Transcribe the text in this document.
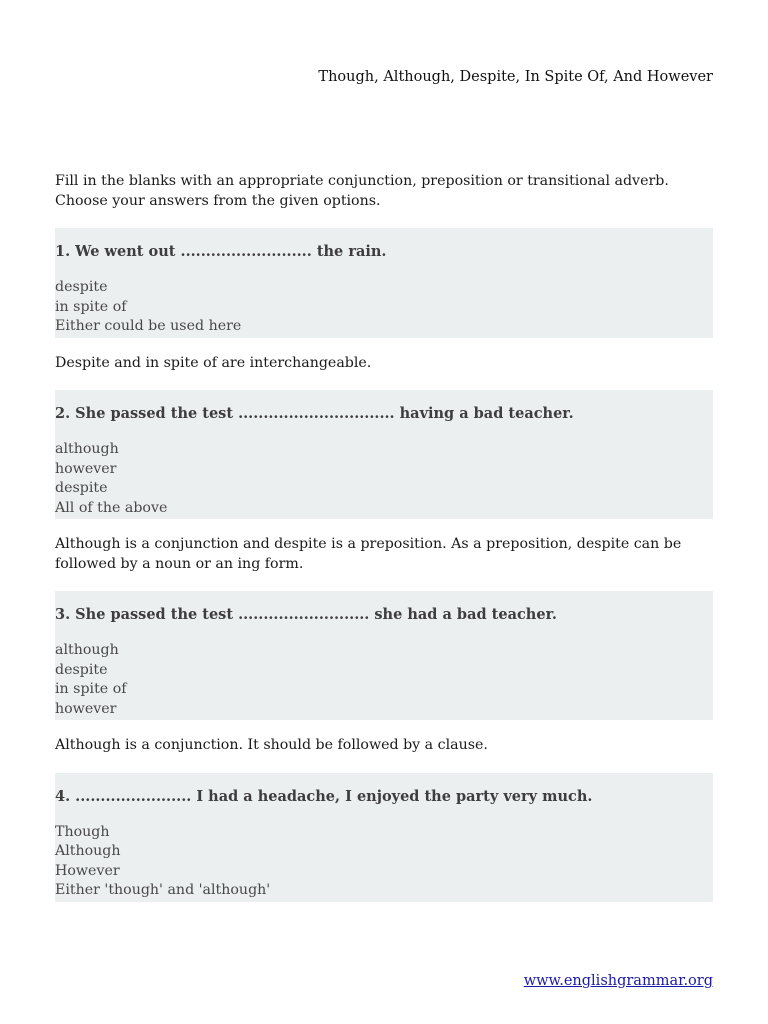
Though, Although, Despite, In Spite Of, And However

Fill in the blanks with an appropriate conjunction, preposition or transitional adverb. Choose your answers from the given options.

1. We went out .......................... the rain.

despite
in spite of
Either could be used here

Despite and in spite of are interchangeable.

2. She passed the test ............................... having a bad teacher.

although
however
despite
All of the above

Although is a conjunction and despite is a preposition. As a preposition, despite can be followed by a noun or an ing form.

3. She passed the test .......................... she had a bad teacher.

although
despite
in spite of
however

Although is a conjunction. It should be followed by a clause.

4. ....................... I had a headache, I enjoyed the party very much.

Though
Although
However
Either 'though' and 'although'
www.englishgrammar.org
